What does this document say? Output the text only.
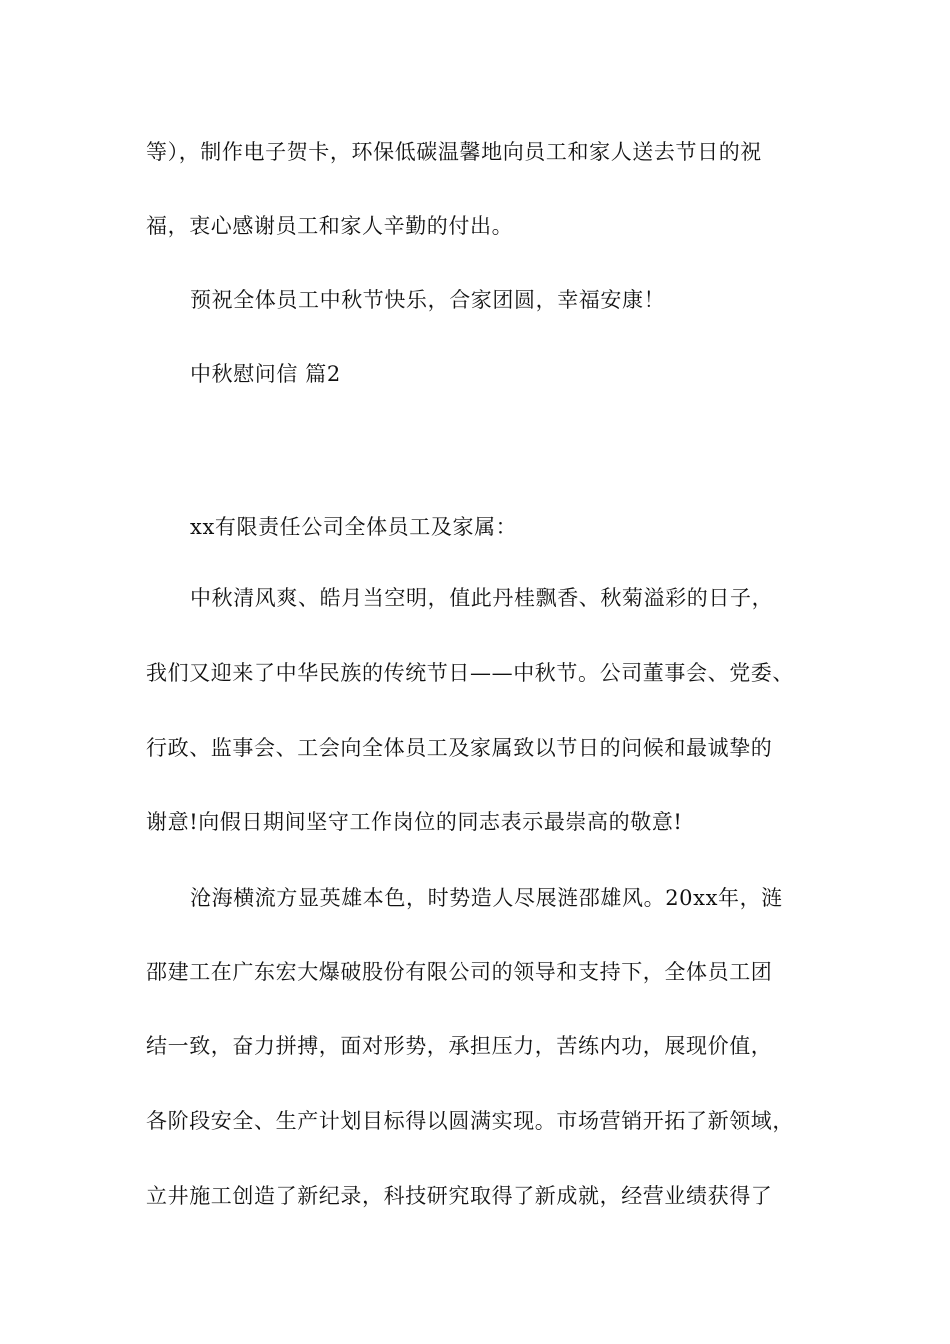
等），制作电子贺卡，环保低碳温馨地向员工和家人送去节日的祝
福，衷心感谢员工和家人辛勤的付出。
预祝全体员工中秋节快乐，合家团圆，幸福安康！
中秋慰问信 篇2
xx有限责任公司全体员工及家属：
中秋清风爽、皓月当空明，值此丹桂飘香、秋菊溢彩的日子，
我们又迎来了中华民族的传统节日——中秋节。公司董事会、党委、
行政、监事会、工会向全体员工及家属致以节日的问候和最诚挚的
谢意!向假日期间坚守工作岗位的同志表示最崇高的敬意!
沧海横流方显英雄本色，时势造人尽展涟邵雄风。20xx年，涟
邵建工在广东宏大爆破股份有限公司的领导和支持下，全体员工团
结一致，奋力拼搏，面对形势，承担压力，苦练内功，展现价值，
各阶段安全、生产计划目标得以圆满实现。市场营销开拓了新领域，
立井施工创造了新纪录，科技研究取得了新成就，经营业绩获得了
